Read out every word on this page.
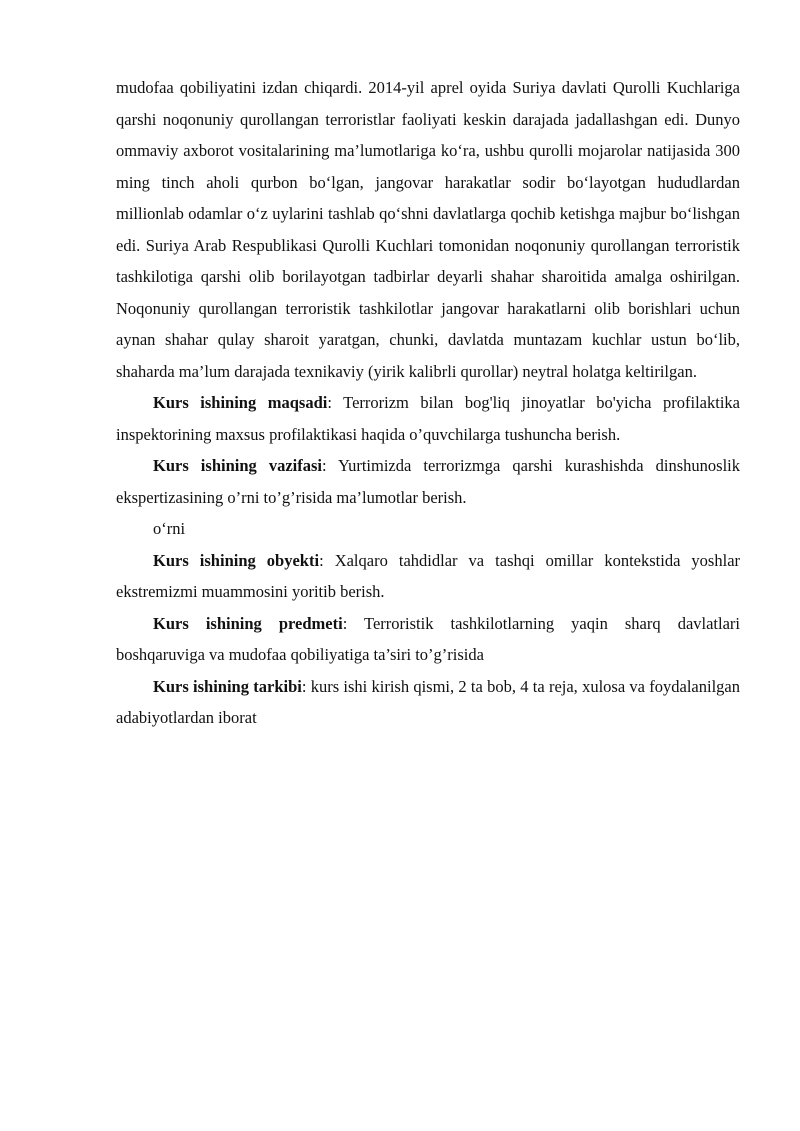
mudofaa qobiliyatini izdan chiqardi. 2014-yil aprel oyida Suriya davlati Qurolli Kuchlariga qarshi noqonuniy qurollangan terroristlar faoliyati keskin darajada jadallashgan edi. Dunyo ommaviy axborot vositalarining ma’lumotlariga ko‘ra, ushbu qurolli mojarolar natijasida 300 ming tinch aholi qurbon bo‘lgan, jangovar harakatlar sodir bo‘layotgan hududlardan millionlab odamlar o‘z uylarini tashlab qo‘shni davlatlarga qochib ketishga majbur bo‘lishgan edi. Suriya Arab Respublikasi Qurolli Kuchlari tomonidan noqonuniy qurollangan terroristik tashkilotiga qarshi olib borilayotgan tadbirlar deyarli shahar sharoitida amalga oshirilgan. Noqonuniy qurollangan terroristik tashkilotlar jangovar harakatlarni olib borishlari uchun aynan shahar qulay sharoit yaratgan, chunki, davlatda muntazam kuchlar ustun bo‘lib, shaharda ma’lum darajada texnikaviy (yirik kalibrli qurollar) neytral holatga keltirilgan.

Kurs ishining maqsadi: Terrorizm bilan bog'liq jinoyatlar bo'yicha profilaktika inspektorining maxsus profilaktikasi haqida o’quvchilarga tushuncha berish.

Kurs ishining vazifasi: Yurtimizda terrorizmga qarshi kurashishda dinshunoslik ekspertizasining o’rni to’g’risida ma’lumotlar berish.

o‘rni

Kurs ishining obyekti: Xalqaro tahdidlar va tashqi omillar kontekstida yoshlar ekstremizmi muammosini yoritib berish.

Kurs ishining predmeti: Terroristik tashkilotlarning yaqin sharq davlatlari boshqaruviga va mudofaa qobiliyatiga ta’siri to’g’risida

Kurs ishining tarkibi: kurs ishi kirish qismi, 2 ta bob, 4 ta reja, xulosa va foydalanilgan adabiyotlardan iborat
